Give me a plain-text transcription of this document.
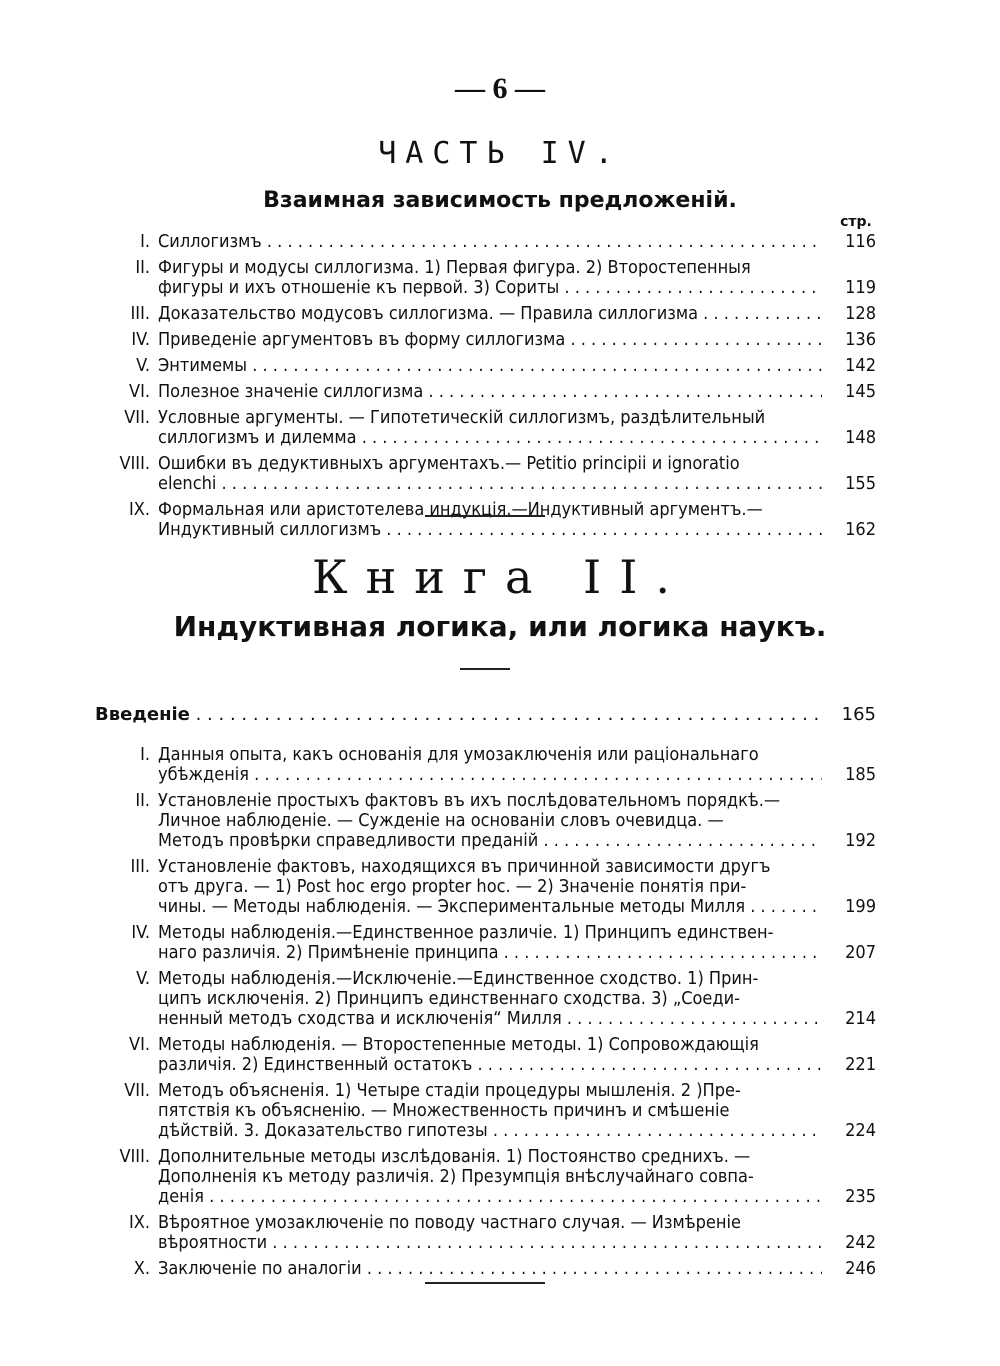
— 6 —
ЧАСТЬ IV.
Взаимная зависимость предложеній.
стр.
I. Силлогизмъ . . .	116
II. Фигуры и модусы силлогизма. 1) Первая фигура. 2) Второстепенныя
фигуры и ихъ отношеніе къ первой. 3) Сориты . . .	119
III. Доказательство модусовъ силлогизма. — Правила силлогизма . . .	128
IV. Приведеніе аргументовъ въ форму силлогизма . . .	136
V. Энтимемы . . .	142
VI. Полезное значеніе силлогизма . . .	145
VII. Условные аргументы. — Гипотетическій силлогизмъ, раздѣлительный
силлогизмъ и дилемма . . .	148
VIII. Ошибки въ дедуктивныхъ аргументахъ.— Petitio principii и ignoratio
elenchi . . .	155
IX. Формальная или аристотелева индукція.—Индуктивный аргументъ.—
Индуктивный силлогизмъ . . .	162
Книга II.
Индуктивная логика, или логика наукъ.
Введеніе . . .	165
I. Данныя опыта, какъ основанія для умозаключенія или раціональнаго
убѣжденія . . .	185
II. Установленіе простыхъ фактовъ въ ихъ послѣдовательномъ порядкѣ.—
Личное наблюденіе. — Сужденіе на основаніи словъ очевидца. —
Методъ провѣрки справедливости преданій . . .	192
III. Установленіе фактовъ, находящихся въ причинной зависимости другъ
отъ друга. — 1) Post hoc ergo propter hoc. — 2) Значеніе понятія при-
чины. — Методы наблюденія. — Экспериментальные методы Милля . . .	199
IV. Методы наблюденія.—Единственное различіе. 1) Принципъ единствен-
наго различія. 2) Примѣненіе принципа . . .	207
V. Методы наблюденія.—Исключеніе.—Единственное сходство. 1) Прин-
ципъ исключенія. 2) Принципъ единственнаго сходства. 3) „Соеди-
ненный методъ сходства и исключенія“ Милля . . .	214
VI. Методы наблюденія. — Второстепенные методы. 1) Сопровождающія
различія. 2) Единственный остатокъ . . .	221
VII. Методъ объясненія. 1) Четыре стадіи процедуры мышленія. 2 )Пре-
пятствія къ объясненію. — Множественность причинъ и смѣшеніе
дѣйствій. 3. Доказательство гипотезы . . .	224
VIII. Дополнительные методы изслѣдованія. 1) Постоянство среднихъ. —
Дополненія къ методу различія. 2) Презумпція внѣслучайнаго совпа-
денія . . .	235
IX. Вѣроятное умозаключеніе по поводу частнаго случая. — Измѣреніе
вѣроятности . . .	242
X. Заключеніе по аналогіи . . .	246
